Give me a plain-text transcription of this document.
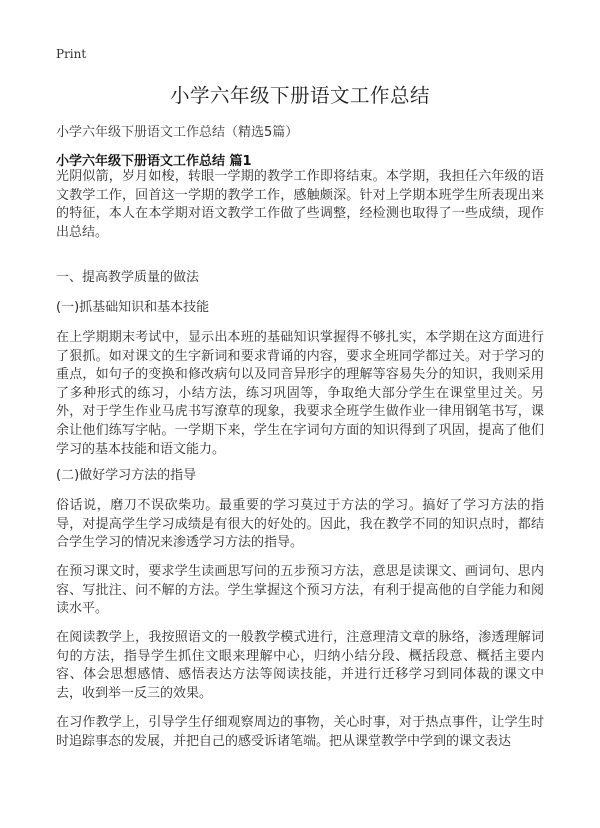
Print
小学六年级下册语文工作总结
小学六年级下册语文工作总结（精选5篇）
小学六年级下册语文工作总结 篇1

光阴似箭，岁月如梭，转眼一学期的教学工作即将结束。本学期，我担任六年级的语文教学工作，回首这一学期的教学工作，感触颇深。针对上学期本班学生所表现出来的特征，本人在本学期对语文教学工作做了些调整，经检测也取得了一些成绩，现作出总结。

一、提高教学质量的做法
(一)抓基础知识和基本技能

在上学期期末考试中，显示出本班的基础知识掌握得不够扎实，本学期在这方面进行了狠抓。如对课文的生字新词和要求背诵的内容，要求全班同学都过关。对于学习的重点，如句子的变换和修改病句以及同音异形字的理解等容易失分的知识，我则采用了多种形式的练习，小结方法，练习巩固等，争取绝大部分学生在课堂里过关。另外，对于学生作业马虎书写潦草的现象，我要求全班学生做作业一律用钢笔书写，课余让他们练写字帖。一学期下来，学生在字词句方面的知识得到了巩固，提高了他们学习的基本技能和语文能力。

(二)做好学习方法的指导

俗话说，磨刀不误砍柴功。最重要的学习莫过于方法的学习。搞好了学习方法的指导，对提高学生学习成绩是有很大的好处的。因此，我在教学不同的知识点时，都结合学生学习的情况来渗透学习方法的指导。

在预习课文时，要求学生读画思写问的五步预习方法，意思是读课文、画词句、思内容、写批注、问不解的方法。学生掌握这个预习方法，有利于提高他的自学能力和阅读水平。

在阅读教学上，我按照语文的一般教学模式进行，注意理清文章的脉络，渗透理解词句的方法，指导学生抓住文眼来理解中心，归纳小结分段、概括段意、概括主要内容、体会思想感情、感悟表达方法等阅读技能，并进行迁移学习到同体裁的课文中去，收到举一反三的效果。

在习作教学上，引导学生仔细观察周边的事物，关心时事，对于热点事件，让学生时时追踪事态的发展，并把自己的感受诉诸笔端。把从课堂教学中学到的课文表达
